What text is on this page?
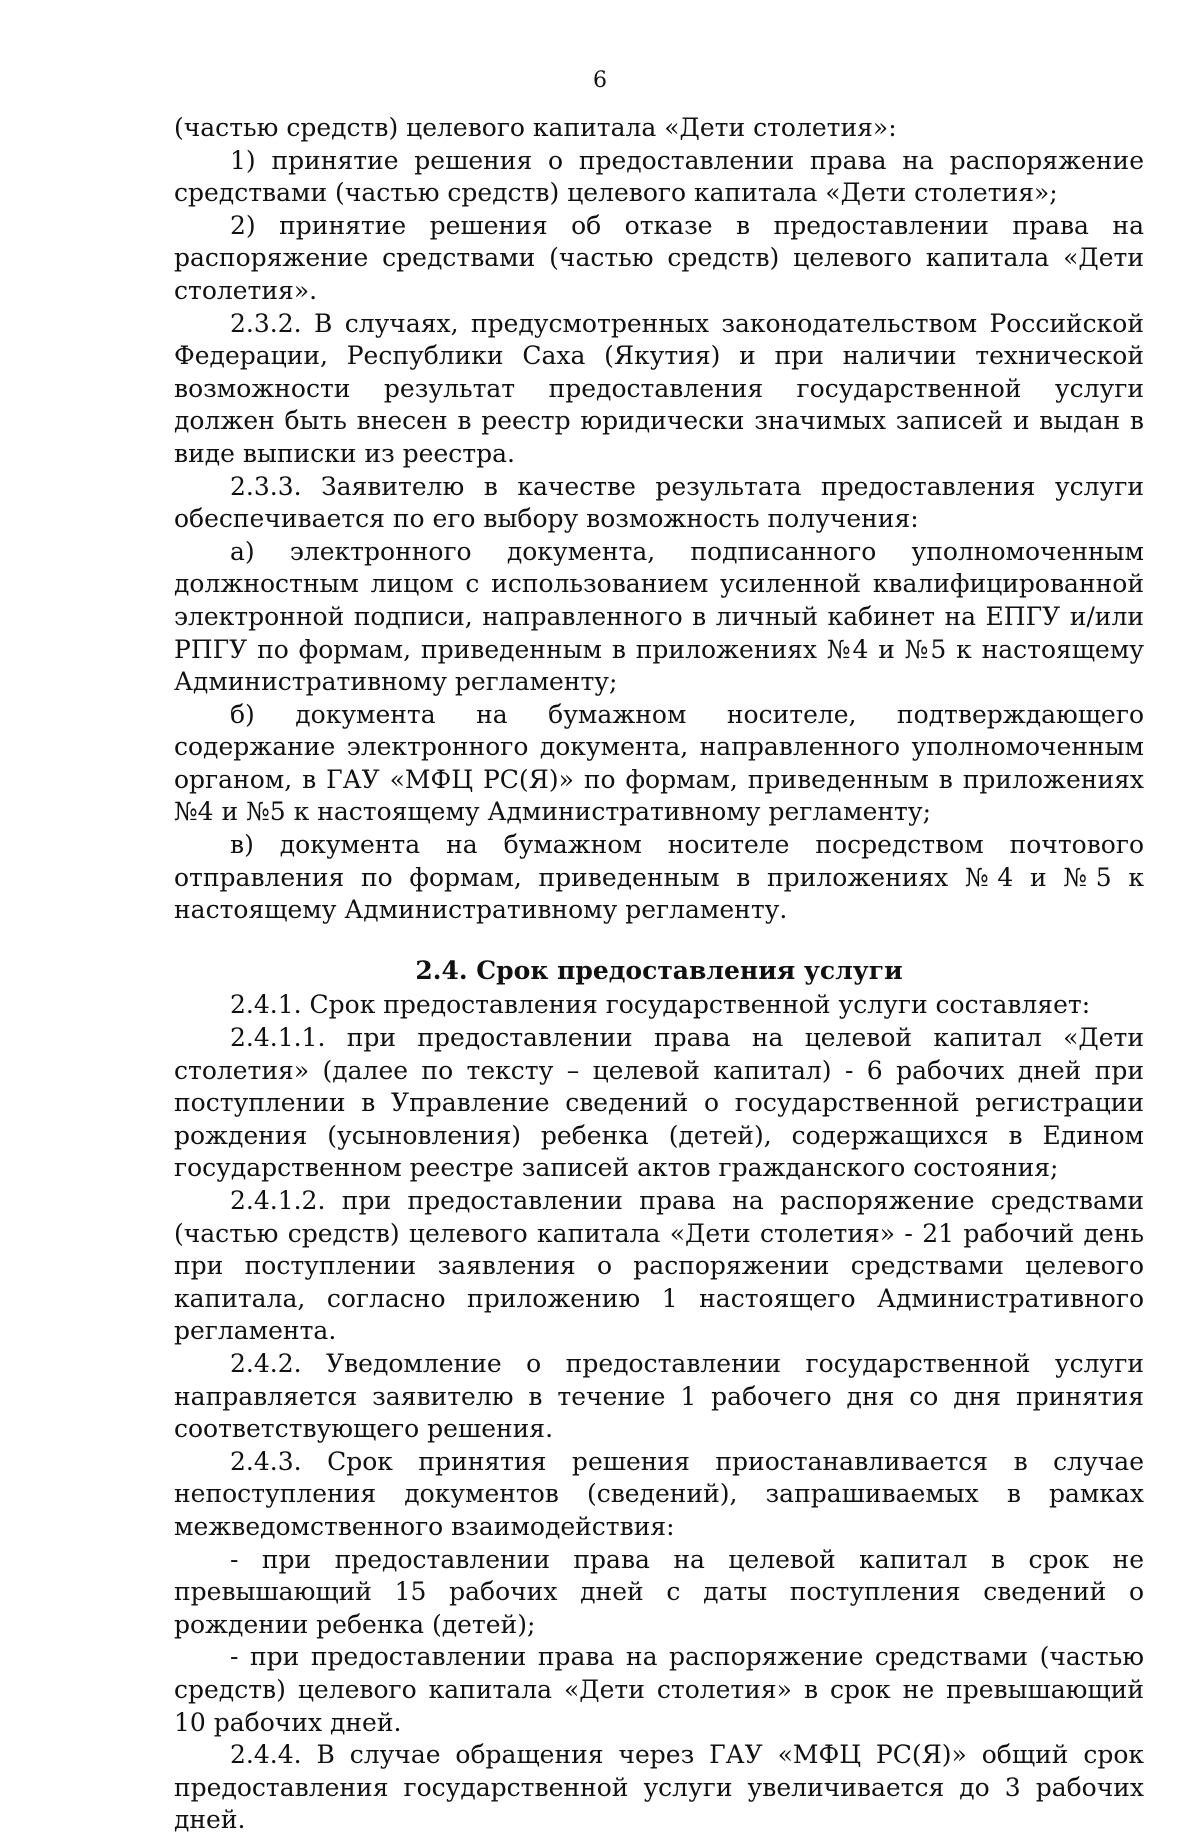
6

(частью средств) целевого капитала «Дети столетия»:

1) принятие решения о предоставлении права на распоряжение средствами (частью средств) целевого капитала «Дети столетия»;

2) принятие решения об отказе в предоставлении права на распоряжение средствами (частью средств) целевого капитала «Дети столетия».

2.3.2. В случаях, предусмотренных законодательством Российской Федерации, Республики Саха (Якутия) и при наличии технической возможности результат предоставления государственной услуги должен быть внесен в реестр юридически значимых записей и выдан в виде выписки из реестра.

2.3.3. Заявителю в качестве результата предоставления услуги обеспечивается по его выбору возможность получения:

а) электронного документа, подписанного уполномоченным должностным лицом с использованием усиленной квалифицированной электронной подписи, направленного в личный кабинет на ЕПГУ и/или РПГУ по формам, приведенным в приложениях №4 и №5 к настоящему Административному регламенту;

б) документа на бумажном носителе, подтверждающего содержание электронного документа, направленного уполномоченным органом, в ГАУ «МФЦ РС(Я)» по формам, приведенным в приложениях №4 и №5 к настоящему Административному регламенту;

в) документа на бумажном носителе посредством почтового отправления по формам, приведенным в приложениях №4 и №5 к настоящему Административному регламенту.

2.4. Срок предоставления услуги

2.4.1. Срок предоставления государственной услуги составляет:

2.4.1.1. при предоставлении права на целевой капитал «Дети столетия» (далее по тексту – целевой капитал) - 6 рабочих дней при поступлении в Управление сведений о государственной регистрации рождения (усыновления) ребенка (детей), содержащихся в Едином государственном реестре записей актов гражданского состояния;

2.4.1.2. при предоставлении права на распоряжение средствами (частью средств) целевого капитала «Дети столетия» - 21 рабочий день при поступлении заявления о распоряжении средствами целевого капитала, согласно приложению 1 настоящего Административного регламента.

2.4.2. Уведомление о предоставлении государственной услуги направляется заявителю в течение 1 рабочего дня со дня принятия соответствующего решения.

2.4.3. Срок принятия решения приостанавливается в случае непоступления документов (сведений), запрашиваемых в рамках межведомственного взаимодействия:

- при предоставлении права на целевой капитал в срок не превышающий 15 рабочих дней с даты поступления сведений о рождении ребенка (детей);

- при предоставлении права на распоряжение средствами (частью средств) целевого капитала «Дети столетия» в срок не превышающий 10 рабочих дней.

2.4.4. В случае обращения через ГАУ «МФЦ РС(Я)» общий срок предоставления государственной услуги увеличивается до 3 рабочих дней.
